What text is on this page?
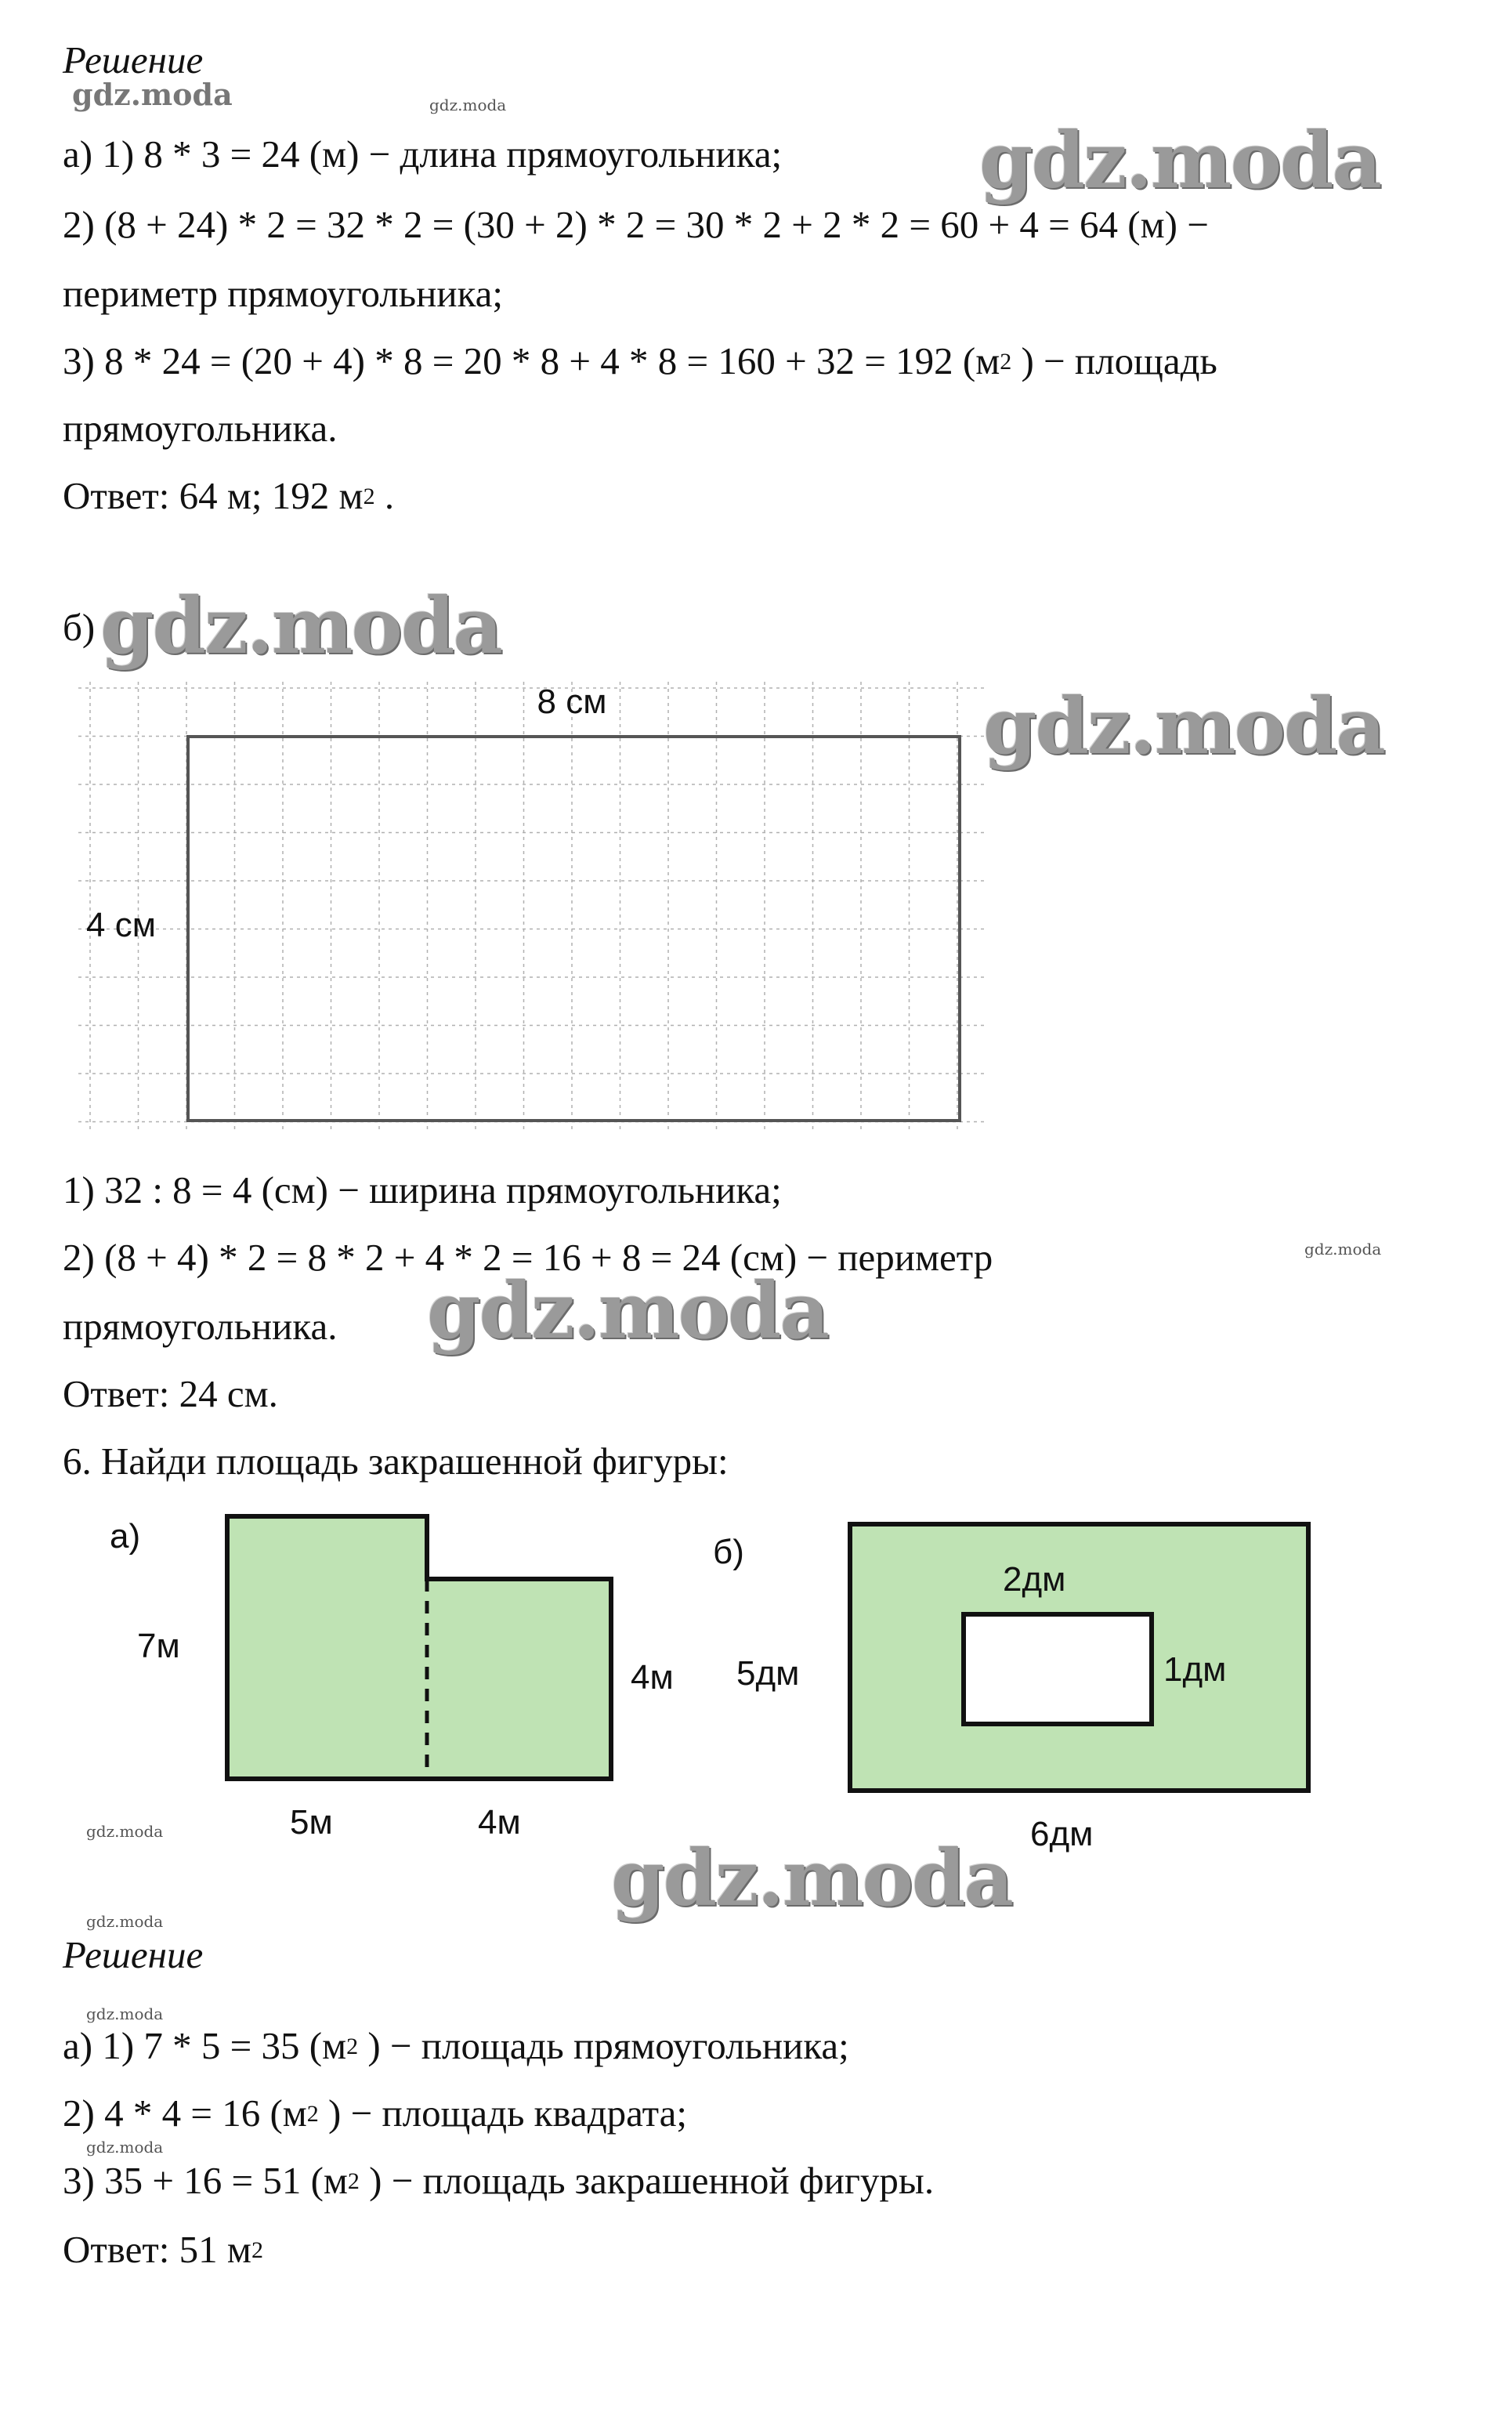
Решение
gdz.moda	gdz.moda
а) 1) 8 * 3 = 24 (м) − длина прямоугольника;	gdz.moda
2) (8 + 24) * 2 = 32 * 2 = (30 + 2) * 2 = 30 * 2 + 2 * 2 = 60 + 4 = 64 (м) −
периметр прямоугольника;
3) 8 * 24 = (20 + 4) * 8 = 20 * 8 + 4 * 8 = 160 + 32 = 192 ($м^2$ ) − площадь
прямоугольника.
Ответ: 64 м; 192 $м^2$ .
б) gdz.moda
8 см
4 см
gdz.moda
1) 32 : 8 = 4 (см) − ширина прямоугольника;
2) (8 + 4) * 2 = 8 * 2 + 4 * 2 = 16 + 8 = 24 (см) − периметр	gdz.moda
прямоугольника. gdz.moda
Ответ: 24 см.
6. Найди площадь закрашенной фигуры:
а)
7м
4м
5м	4м
б)
2дм
1дм
5дм
6дм
gdz.moda
gdz.moda
gdz.moda
Решение
gdz.moda
а) 1) 7 * 5 = 35 ($м^2$ ) − площадь прямоугольника;
2) 4 * 4 = 16 ($м^2$ ) − площадь квадрата;
gdz.moda
3) 35 + 16 = 51 ($м^2$ ) − площадь закрашенной фигуры.
Ответ: 51 $м^2$
